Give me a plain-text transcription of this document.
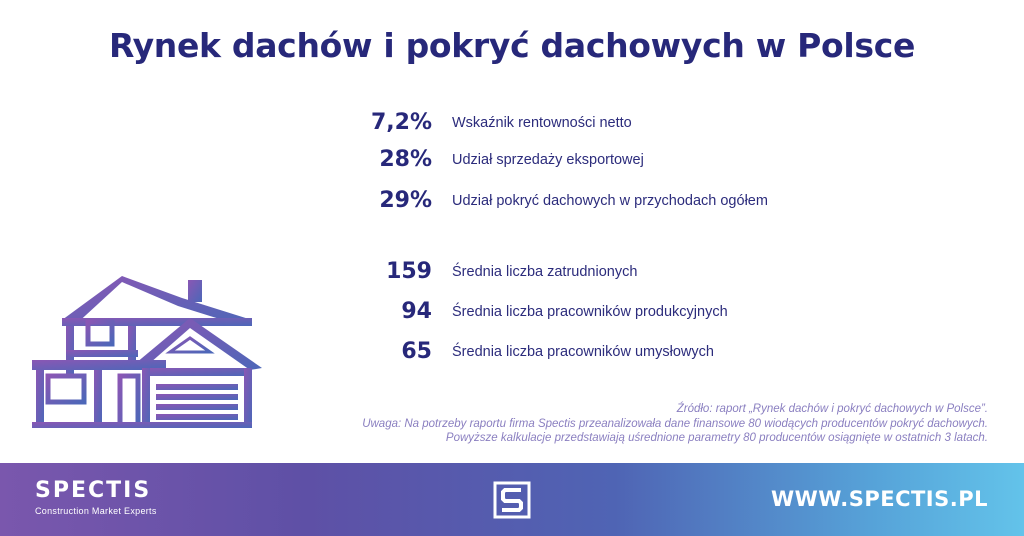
Rynek dachów i pokryć dachowych w Polsce
7,2% Wskaźnik rentowności netto
28% Udział sprzedaży eksportowej
29% Udział pokryć dachowych w przychodach ogółem
159 Średnia liczba zatrudnionych
94 Średnia liczba pracowników produkcyjnych
65 Średnia liczba pracowników umysłowych
Źródło: raport „Rynek dachów i pokryć dachowych w Polsce”.
Uwaga: Na potrzeby raportu firma Spectis przeanalizowała dane finansowe 80 wiodących producentów pokryć dachowych.
Powyższe kalkulacje przedstawiają uśrednione parametry 80 producentów osiągnięte w ostatnich 3 latach.
SPECTIS
Construction Market Experts	WWW.SPECTIS.PL
